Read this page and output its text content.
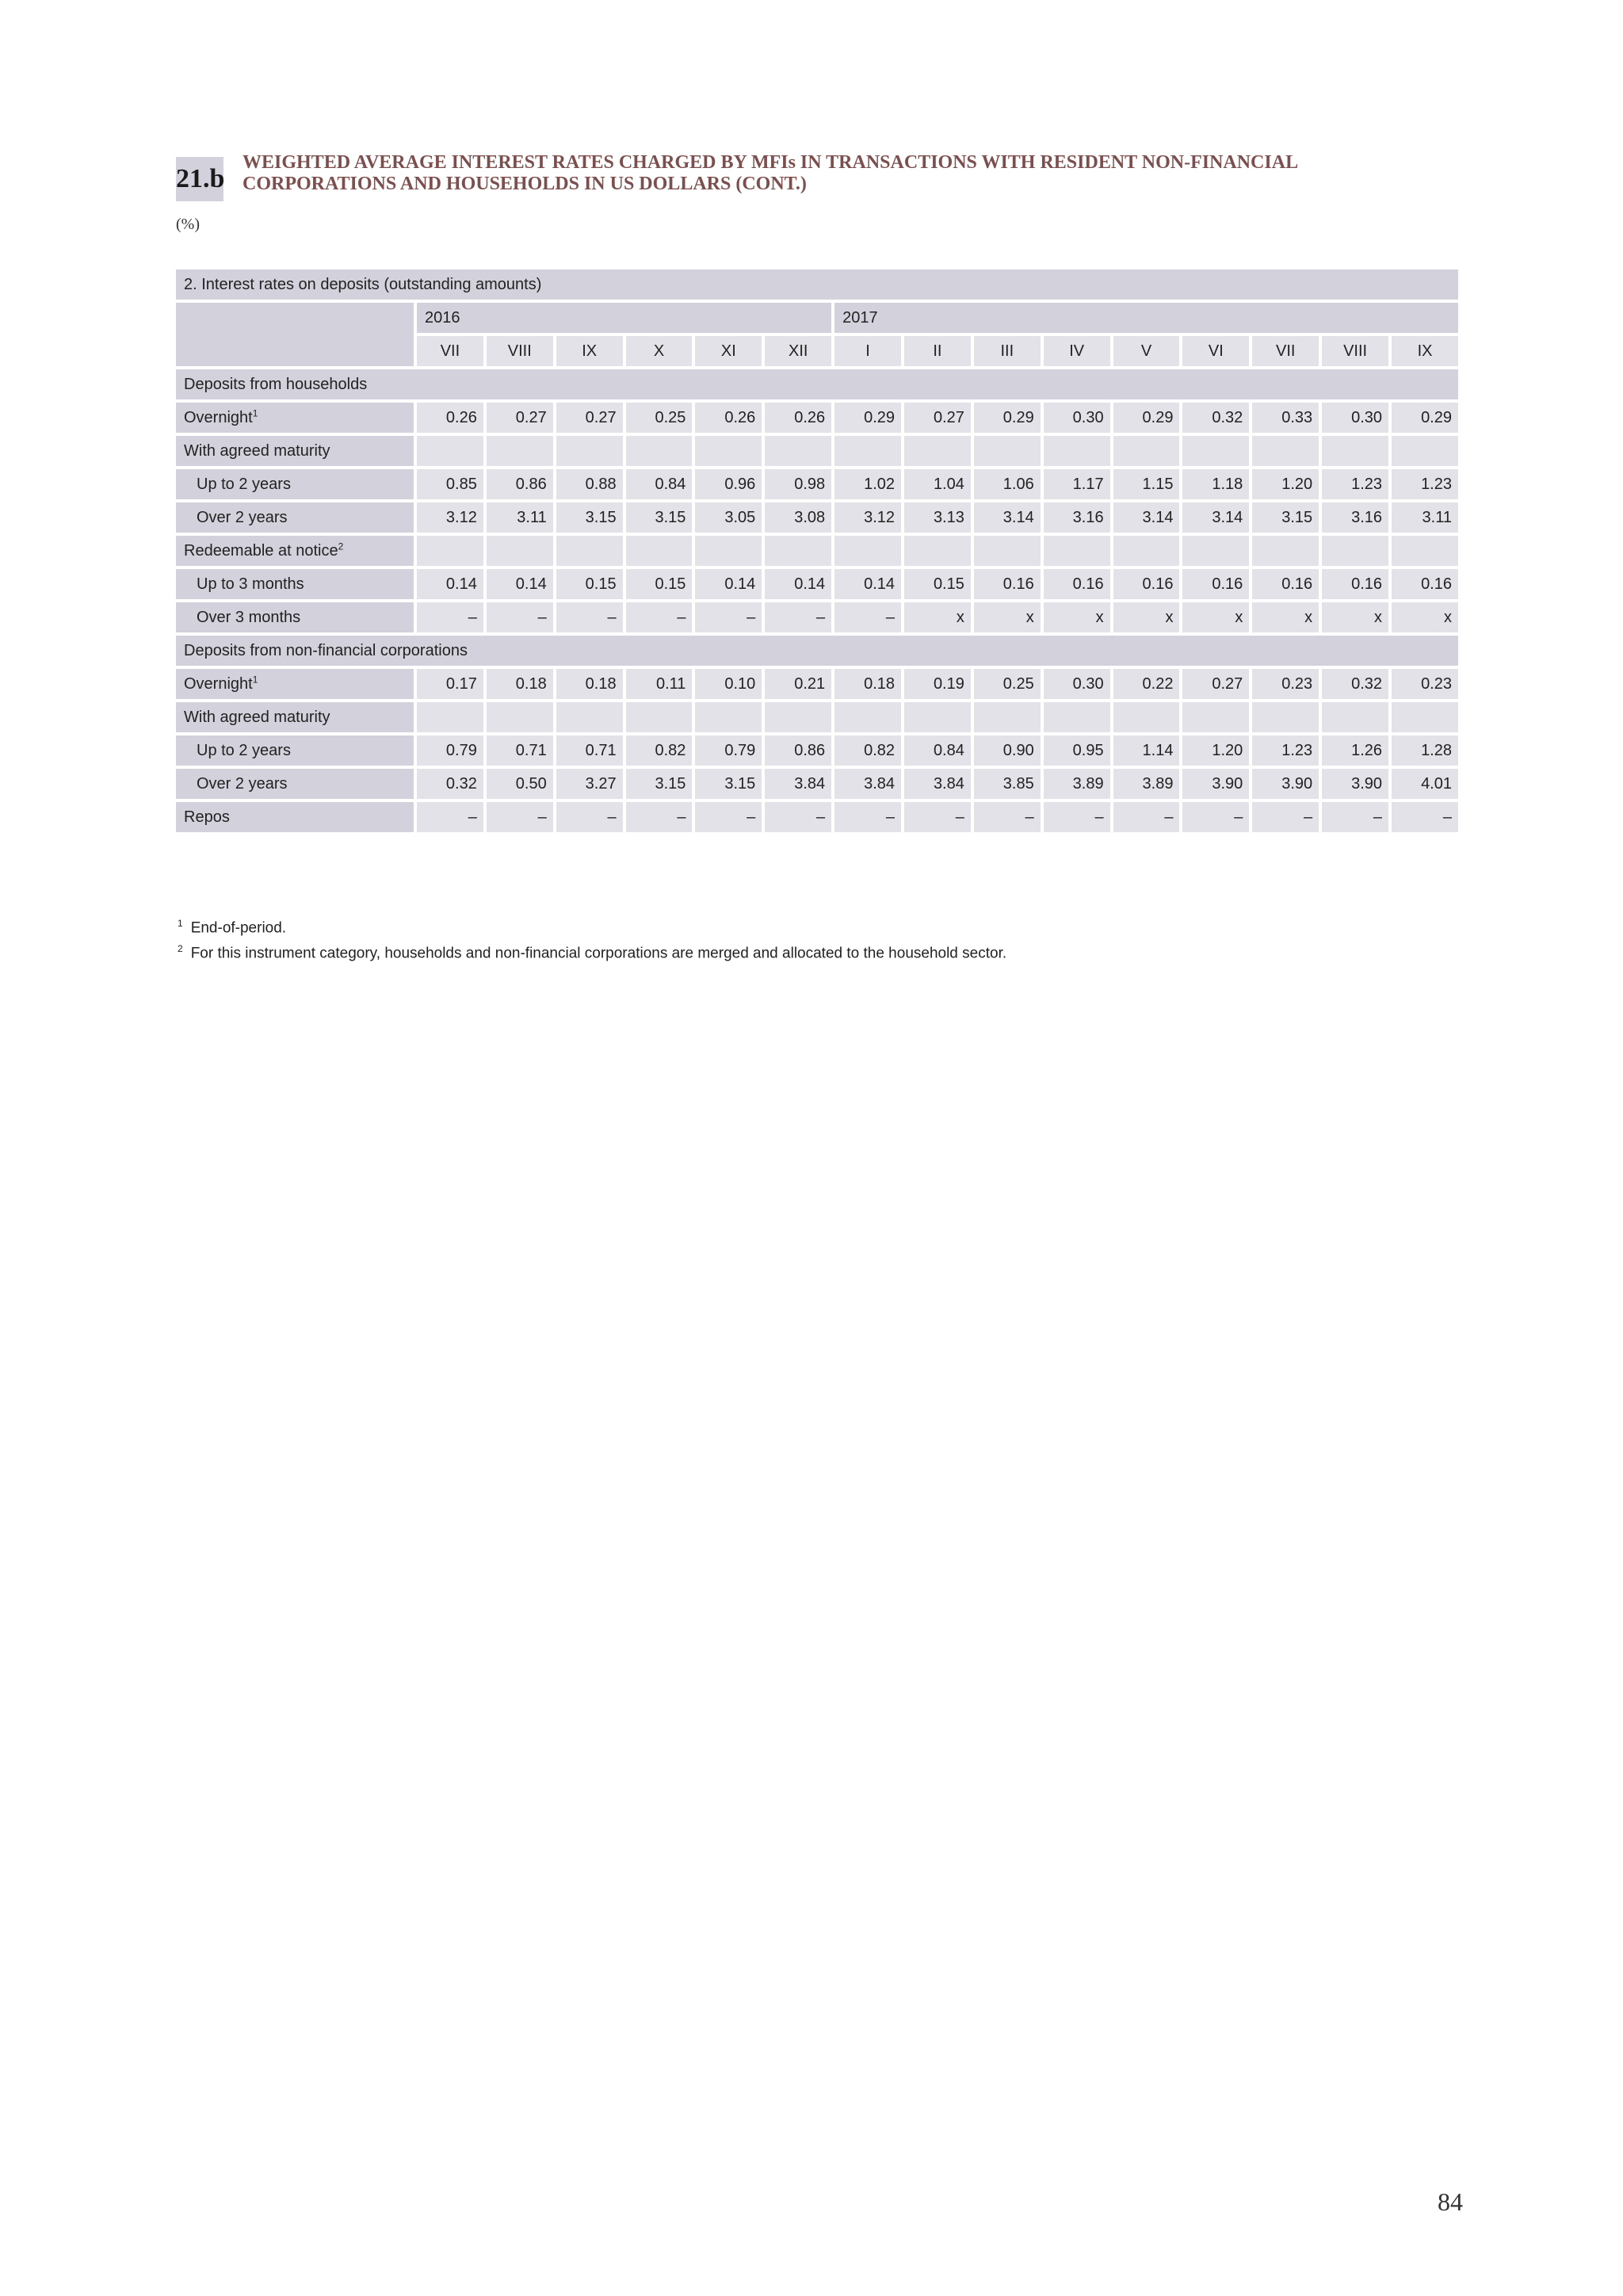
21.b
WEIGHTED AVERAGE INTEREST RATES CHARGED BY MFIs IN TRANSACTIONS WITH RESIDENT NON-FINANCIAL
CORPORATIONS AND HOUSEHOLDS IN US DOLLARS (CONT.)
(%)
2. Interest rates on deposits (outstanding amounts)															
	2016						2017								
	VII	VIII	IX	X	XI	XII	I	II	III	IV	V	VI	VII	VIII	IX
Deposits from households															
Overnight$^1$	0.26	0.27	0.27	0.25	0.26	0.26	0.29	0.27	0.29	0.30	0.29	0.32	0.33	0.30	0.29
With agreed maturity															
Up to 2 years	0.85	0.86	0.88	0.84	0.96	0.98	1.02	1.04	1.06	1.17	1.15	1.18	1.20	1.23	1.23
Over 2 years	3.12	3.11	3.15	3.15	3.05	3.08	3.12	3.13	3.14	3.16	3.14	3.14	3.15	3.16	3.11
Redeemable at notice$^2$															
Up to 3 months	0.14	0.14	0.15	0.15	0.14	0.14	0.14	0.15	0.16	0.16	0.16	0.16	0.16	0.16	0.16
Over 3 months	–	–	–	–	–	–	–	x	x	x	x	x	x	x	x
Deposits from non-financial corporations															
Overnight$^1$	0.17	0.18	0.18	0.11	0.10	0.21	0.18	0.19	0.25	0.30	0.22	0.27	0.23	0.32	0.23
With agreed maturity															
Up to 2 years	0.79	0.71	0.71	0.82	0.79	0.86	0.82	0.84	0.90	0.95	1.14	1.20	1.23	1.26	1.28
Over 2 years	0.32	0.50	3.27	3.15	3.15	3.84	3.84	3.84	3.85	3.89	3.89	3.90	3.90	3.90	4.01
Repos	–	–	–	–	–	–	–	–	–	–	–	–	–	–	–
$^1$ End-of-period.
$^2$ For this instrument category, households and non-financial corporations are merged and allocated to the household sector.
84
